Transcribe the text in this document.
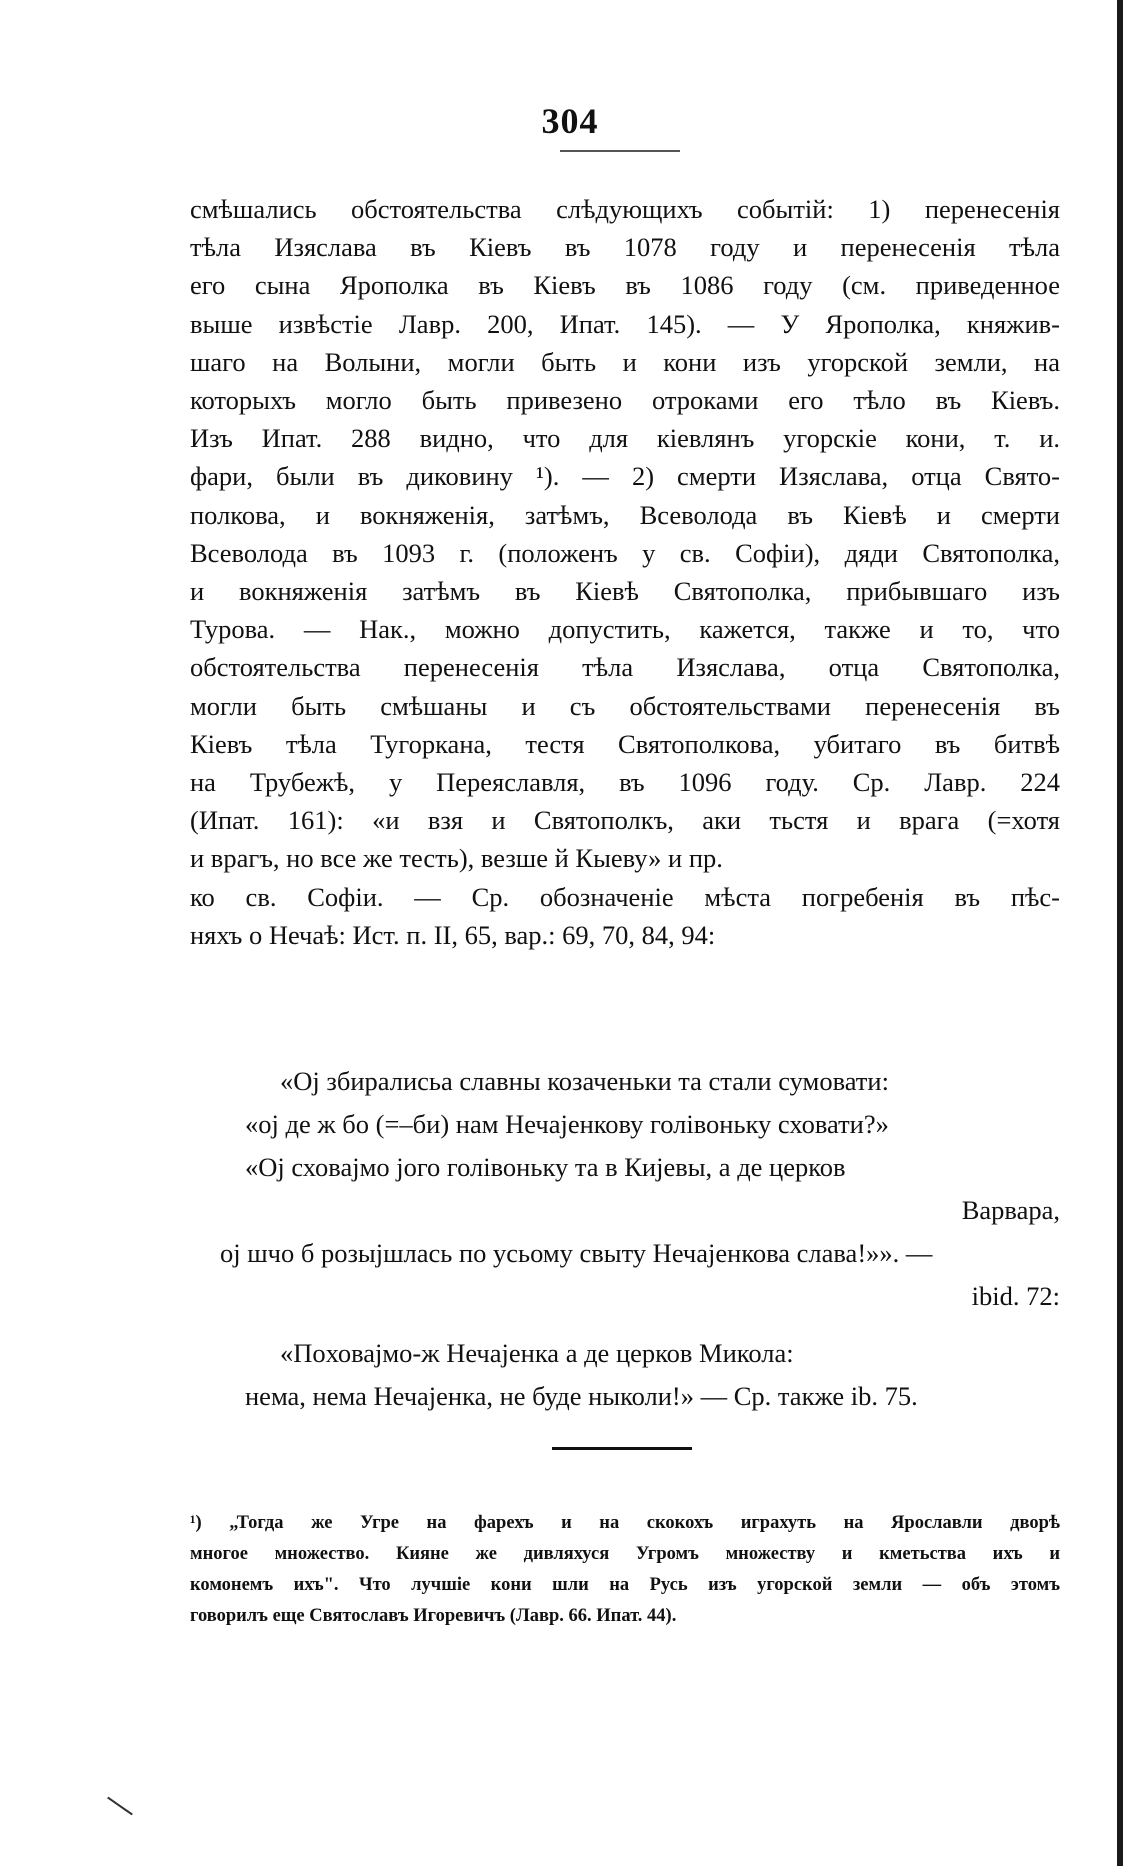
304
смѣшались обстоятельства слѣдующихъ событій: 1) перенесенія
тѣла Изяслава въ Кіевъ въ 1078 году и перенесенія тѣла
его сына Ярополка въ Кіевъ въ 1086 году (см. приведенное
выше извѣстіе Лавр. 200, Ипат. 145). — У Ярополка, княжив-
шаго на Волыни, могли быть и кони изъ угорской земли, на
которыхъ могло быть привезено отроками его тѣло въ Кіевъ.
Изъ Ипат. 288 видно, что для кіевлянъ угорскіе кони, т. и.
фари, были въ диковину ¹). — 2) смерти Изяслава, отца Свято-
полкова, и вокняженія, затѣмъ, Всеволода въ Кіевѣ и смерти
Всеволода въ 1093 г. (положенъ у св. Софіи), дяди Святополка,
и вокняженія затѣмъ въ Кіевѣ Святополка, прибывшаго изъ
Турова. — Нак., можно допустить, кажется, также и то, что
обстоятельства перенесенія тѣла Изяслава, отца Святополка,
могли быть смѣшаны и съ обстоятельствами перенесенія въ
Кіевъ тѣла Тугоркана, тестя Святополкова, убитаго въ битвѣ
на Трубежѣ, у Переяславля, въ 1096 году. Ср. Лавр. 224
(Ипат. 161): «и взя и Святополкъ, аки тьстя и врага (=хотя
и врагъ, но все же тесть), везше й Кыеву» и пр.
ко св. Софіи. — Ср. обозначеніе мѣста погребенія въ пѣс-
няхъ о Нечаѣ: Ист. п. II, 65, вар.: 69, 70, 84, 94:
«Ој збиралисьа славны козаченьки та стали сумовати:
«ој де ж бо (=–би) нам Нечајенкову голівоньку сховати?»
«Ој сховајмо јого голівоньку та в Кијевы, а де церков
Варвара,
ој шчо б розыјшлась по усьому свыту Нечајенкова слава!»». —
ibid. 72:
«Пoховајмо-ж Нечајенка а де церков Микола:
нема, нема Нечајенка, не буде ныколи!» — Ср. также ib. 75.
¹) „Тогда же Угре на фарехъ и на скокохъ играхуть на Ярославли дворѣ
многое множество. Кияне же дивляхуся Угромъ множеству и кметьства ихъ и
комонемъ ихъ". Что лучшіе кони шли на Русь изъ угорской земли — объ этомъ
говорилъ еще Святославъ Игоревичъ (Лавр. 66. Ипат. 44).
